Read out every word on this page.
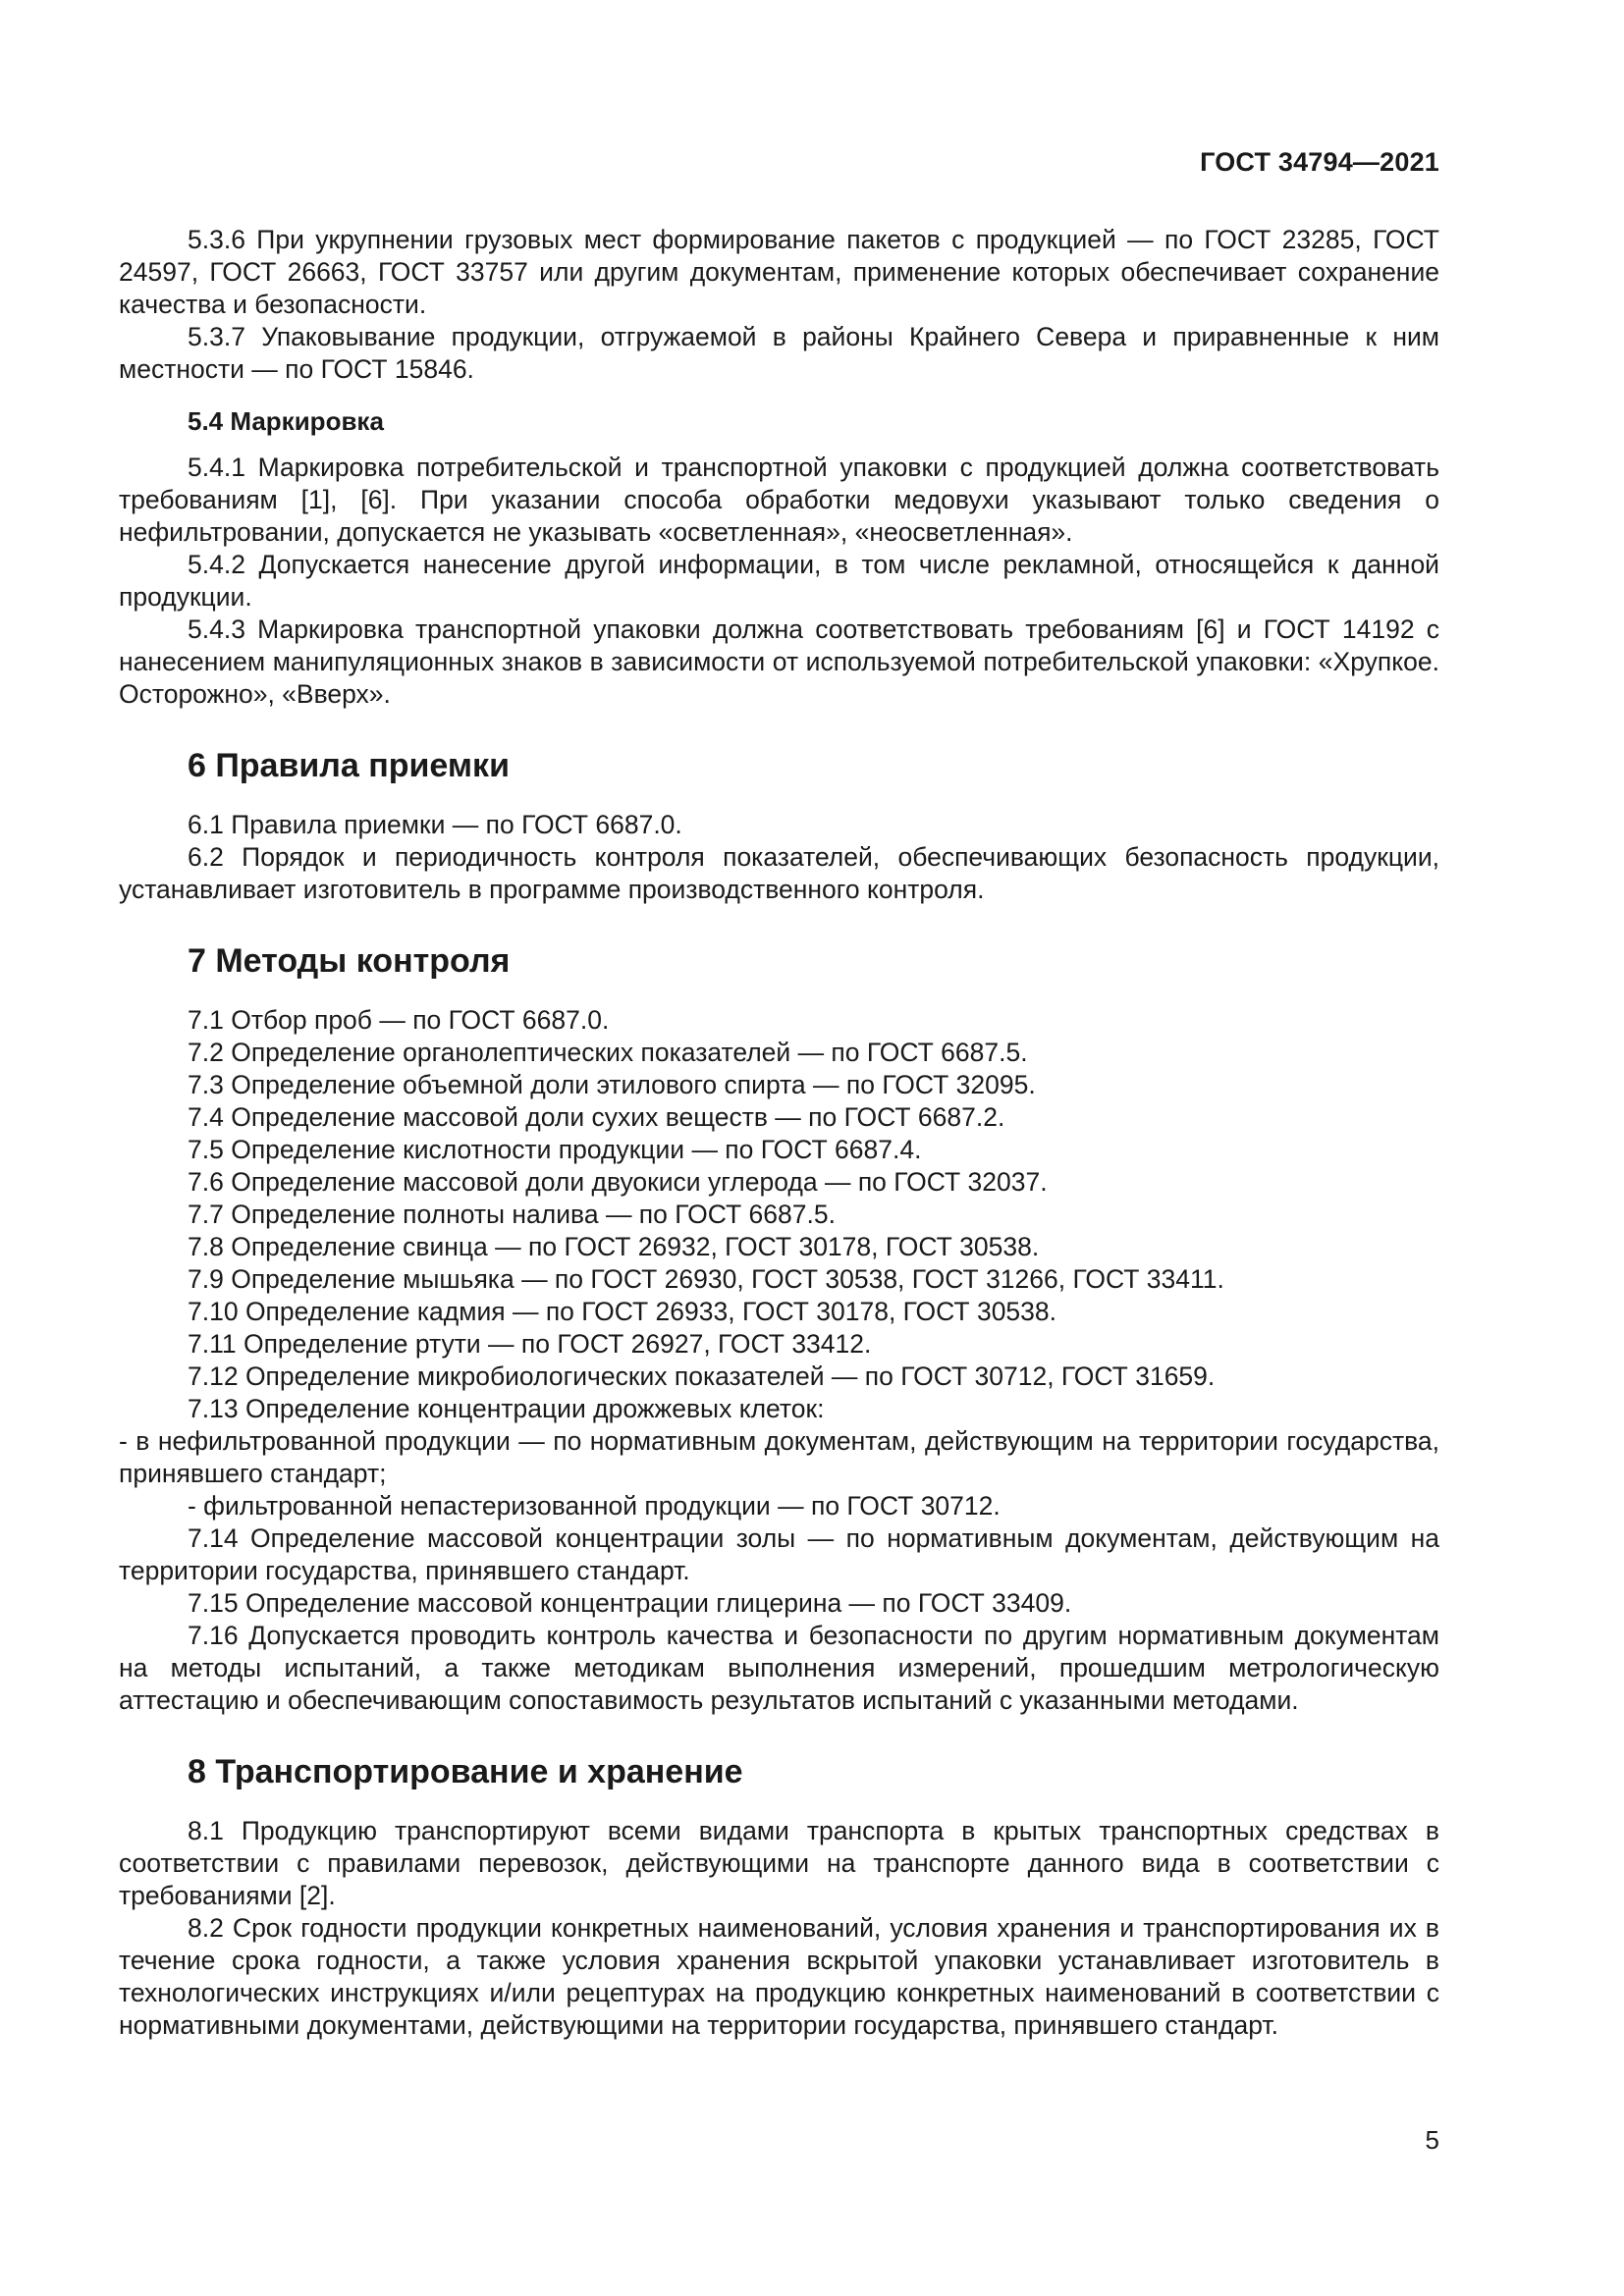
ГОСТ 34794—2021

5.3.6 При укрупнении грузовых мест формирование пакетов с продукцией — по ГОСТ 23285, ГОСТ 24597, ГОСТ 26663, ГОСТ 33757 или другим документам, применение которых обеспечивает сохранение качества и безопасности.

5.3.7 Упаковывание продукции, отгружаемой в районы Крайнего Севера и приравненные к ним местности — по ГОСТ 15846.

5.4 Маркировка

5.4.1 Маркировка потребительской и транспортной упаковки с продукцией должна соответствовать требованиям [1], [6]. При указании способа обработки медовухи указывают только сведения о нефильтровании, допускается не указывать «осветленная», «неосветленная».

5.4.2 Допускается нанесение другой информации, в том числе рекламной, относящейся к данной продукции.

5.4.3 Маркировка транспортной упаковки должна соответствовать требованиям [6] и ГОСТ 14192 с нанесением манипуляционных знаков в зависимости от используемой потребительской упаковки: «Хрупкое. Осторожно», «Вверх».

6 Правила приемки

6.1 Правила приемки — по ГОСТ 6687.0.

6.2 Порядок и периодичность контроля показателей, обеспечивающих безопасность продукции, устанавливает изготовитель в программе производственного контроля.

7 Методы контроля

7.1 Отбор проб — по ГОСТ 6687.0.

7.2 Определение органолептических показателей — по ГОСТ 6687.5.

7.3 Определение объемной доли этилового спирта — по ГОСТ 32095.

7.4 Определение массовой доли сухих веществ — по ГОСТ 6687.2.

7.5 Определение кислотности продукции — по ГОСТ 6687.4.

7.6 Определение массовой доли двуокиси углерода — по ГОСТ 32037.

7.7 Определение полноты налива — по ГОСТ 6687.5.

7.8 Определение свинца — по ГОСТ 26932, ГОСТ 30178, ГОСТ 30538.

7.9 Определение мышьяка — по ГОСТ 26930, ГОСТ 30538, ГОСТ 31266, ГОСТ 33411.

7.10 Определение кадмия — по ГОСТ 26933, ГОСТ 30178, ГОСТ 30538.

7.11 Определение ртути — по ГОСТ 26927, ГОСТ 33412.

7.12 Определение микробиологических показателей — по ГОСТ 30712, ГОСТ 31659.

7.13 Определение концентрации дрожжевых клеток:

- в нефильтрованной продукции — по нормативным документам, действующим на территории государства, принявшего стандарт;

- фильтрованной непастеризованной продукции — по ГОСТ 30712.

7.14 Определение массовой концентрации золы — по нормативным документам, действующим на территории государства, принявшего стандарт.

7.15 Определение массовой концентрации глицерина — по ГОСТ 33409.

7.16 Допускается проводить контроль качества и безопасности по другим нормативным документам на методы испытаний, а также методикам выполнения измерений, прошедшим метрологическую аттестацию и обеспечивающим сопоставимость результатов испытаний с указанными методами.

8 Транспортирование и хранение

8.1 Продукцию транспортируют всеми видами транспорта в крытых транспортных средствах в соответствии с правилами перевозок, действующими на транспорте данного вида в соответствии с требованиями [2].

8.2 Срок годности продукции конкретных наименований, условия хранения и транспортирования их в течение срока годности, а также условия хранения вскрытой упаковки устанавливает изготовитель в технологических инструкциях и/или рецептурах на продукцию конкретных наименований в соответствии с нормативными документами, действующими на территории государства, принявшего стандарт.

5
